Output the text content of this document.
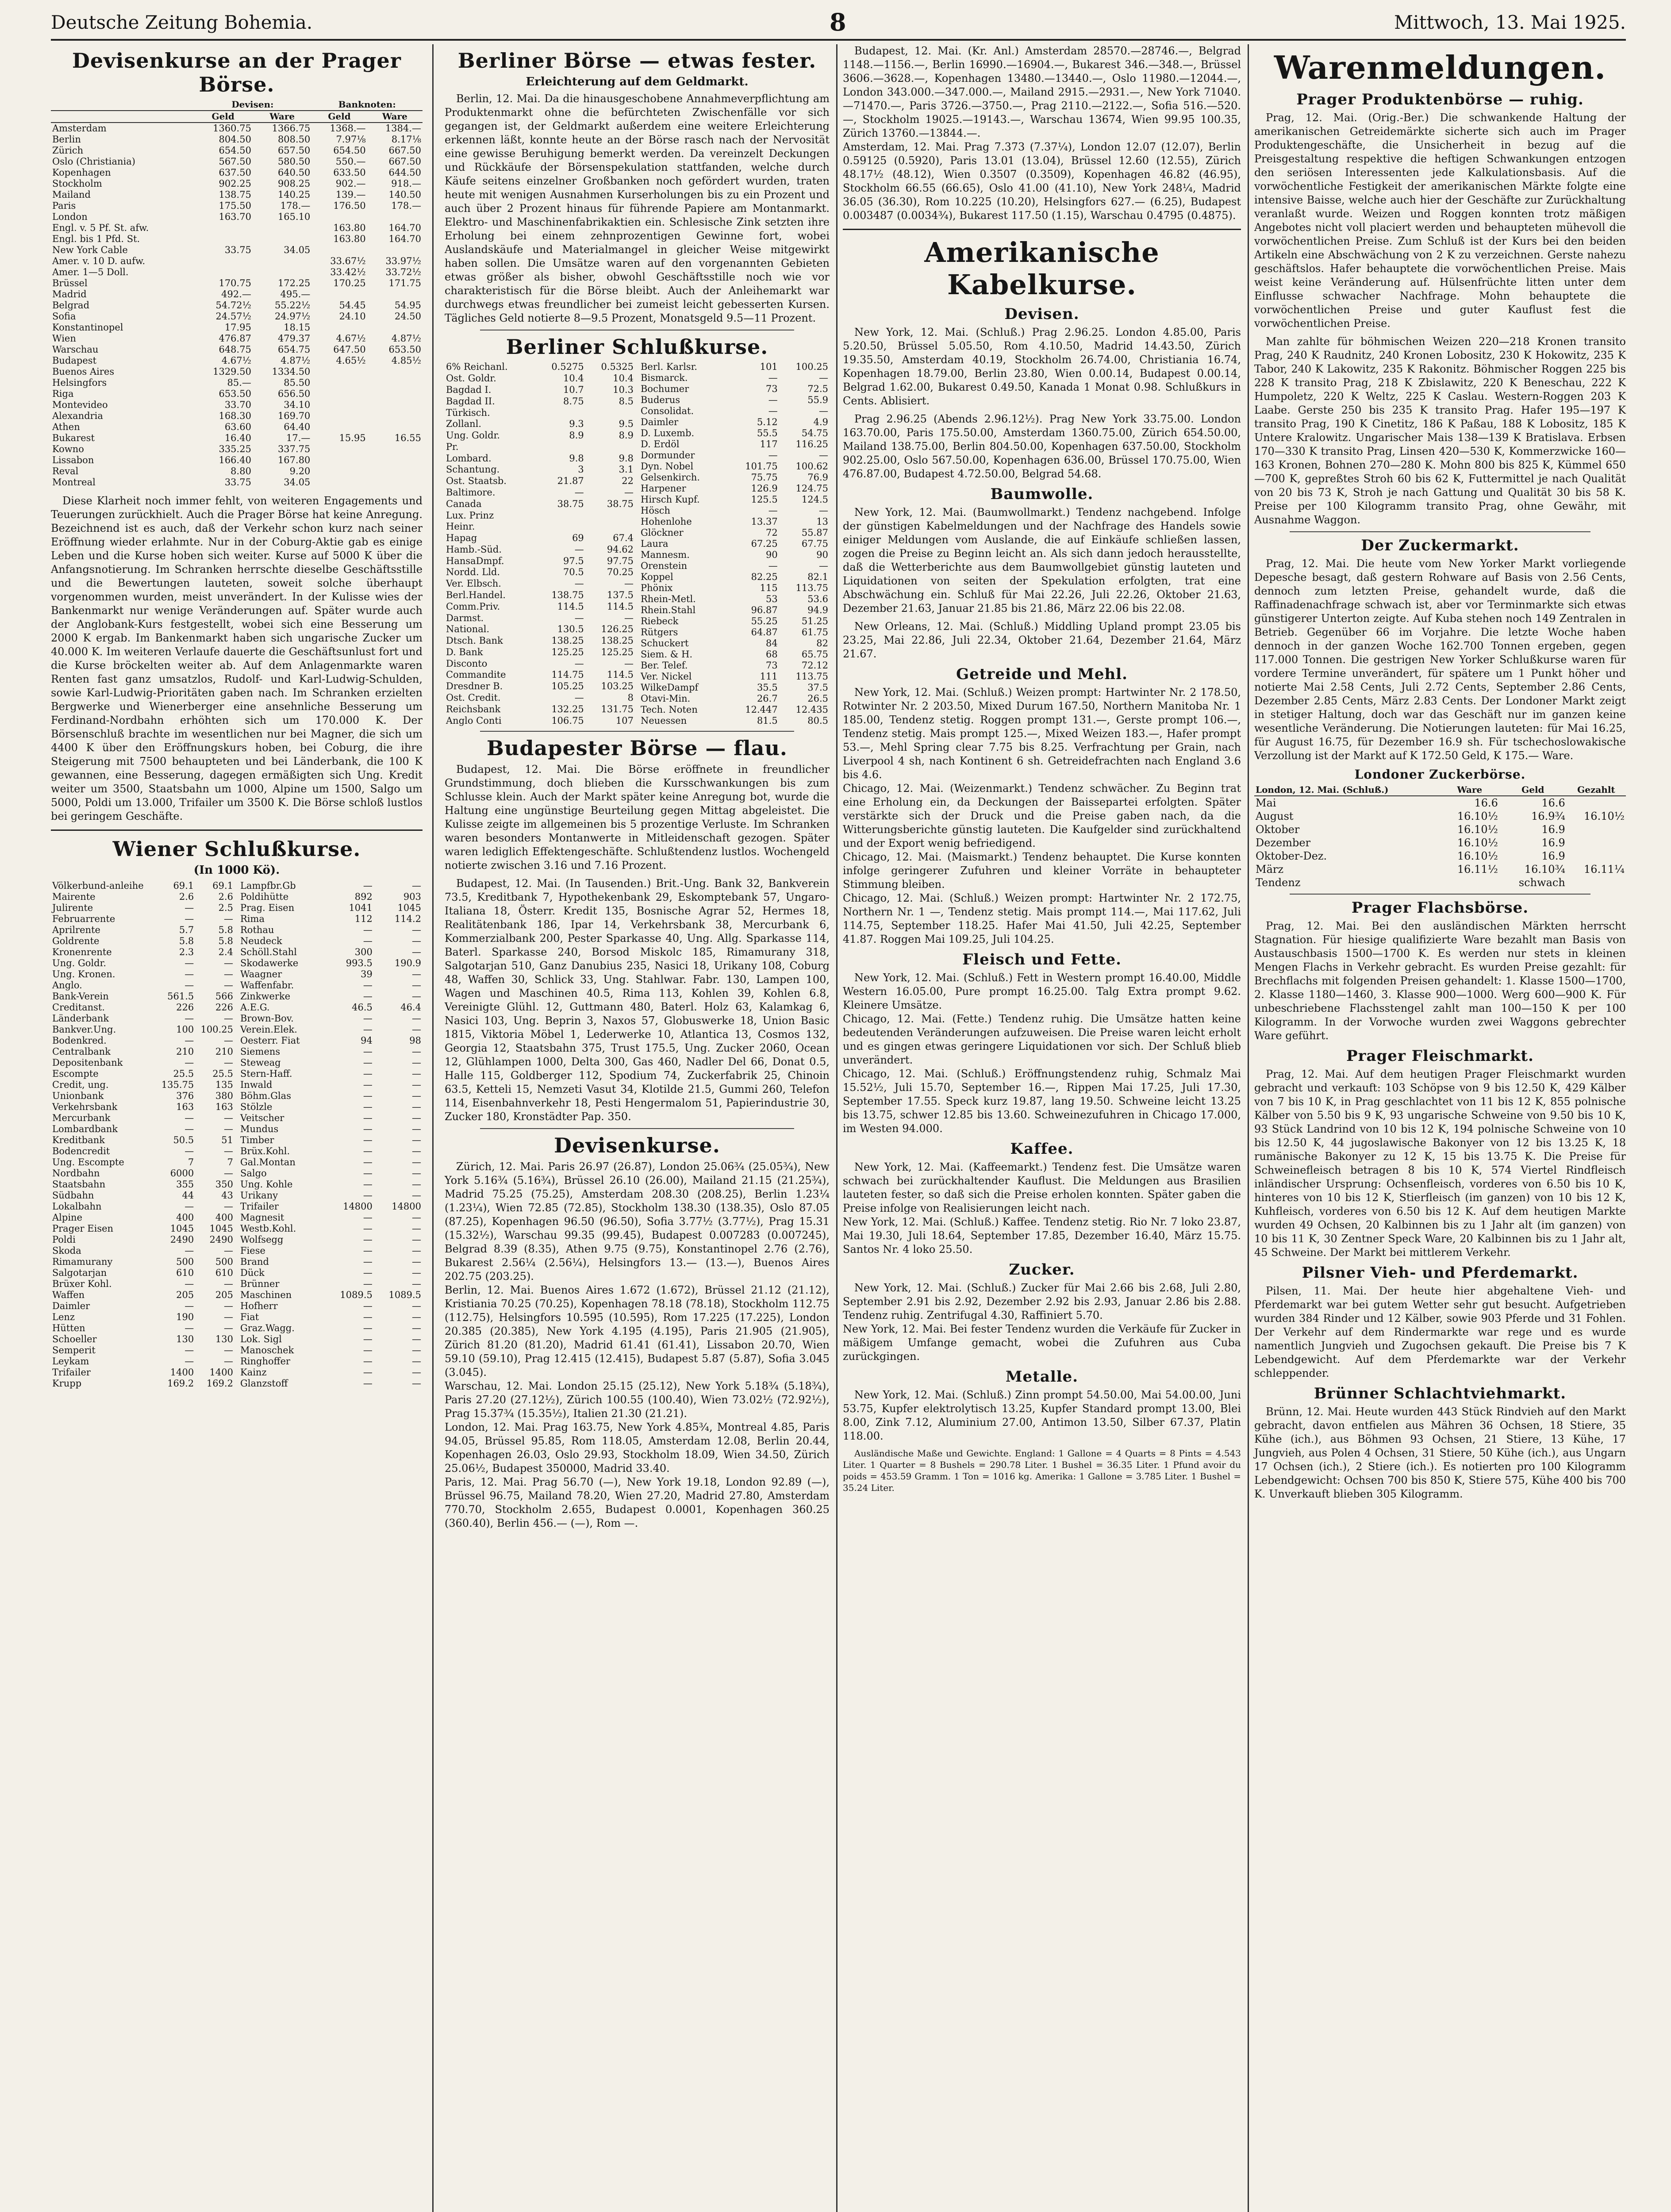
Deutsche Zeitung Bohemia.	8	Mittwoch, 13. Mai 1925.
Devisenkurse an der Prager Börse.
	Devisen:		Banknoten:	
	Geld	Ware	Geld	Ware
Amsterdam	1360.75	1366.75	1368.—	1384.—
Berlin	804.50	808.50	7.97⅛	8.17⅛
Zürich	654.50	657.50	654.50	667.50
Oslo (Christiania)	567.50	580.50	550.—	667.50
Kopenhagen	637.50	640.50	633.50	644.50
Stockholm	902.25	908.25	902.—	918.—
Mailand	138.75	140.25	139.—	140.50
Paris	175.50	178.—	176.50	178.—
London	163.70	165.10		
Engl. v. 5 Pf. St. afw.			163.80	164.70
Engl. bis 1 Pfd. St.			163.80	164.70
New York Cable	33.75	34.05		
Amer. v. 10 D. aufw.			33.67½	33.97½
Amer. 1—5 Doll.			33.42½	33.72½
Brüssel	170.75	172.25	170.25	171.75
Madrid	492.—	495.—		
Belgrad	54.72½	55.22½	54.45	54.95
Sofia	24.57½	24.97½	24.10	24.50
Konstantinopel	17.95	18.15		
Wien	476.87	479.37	4.67½	4.87½
Warschau	648.75	654.75	647.50	653.50
Budapest	4.67½	4.87½	4.65½	4.85½
Buenos Aires	1329.50	1334.50		
Helsingfors	85.—	85.50		
Riga	653.50	656.50		
Montevideo	33.70	34.10		
Alexandria	168.30	169.70		
Athen	63.60	64.40		
Bukarest	16.40	17.—	15.95	16.55
Kowno	335.25	337.75		
Lissabon	166.40	167.80		
Reval	8.80	9.20		
Montreal	33.75	34.05		

Diese Klarheit noch immer fehlt, von weiteren Engagements und Teuerungen zurückhielt. Auch die Prager Börse hat keine Anregung. Bezeichnend ist es auch, daß der Verkehr schon kurz nach seiner Eröffnung wieder erlahmte. Nur in der Coburg-Aktie gab es einige Leben und die Kurse hoben sich weiter. Kurse auf 5000 K über die Anfangsnotierung. Im Schranken herrschte dieselbe Geschäftsstille und die Bewertungen lauteten, soweit solche überhaupt vorgenommen wurden, meist unverändert. In der Kulisse wies der Bankenmarkt nur wenige Veränderungen auf. Später wurde auch der Anglobank-Kurs festgestellt, wobei sich eine Besserung um 2000 K ergab. Im Bankenmarkt haben sich ungarische Zucker um 40.000 K. Im weiteren Verlaufe dauerte die Geschäftsunlust fort und die Kurse bröckelten weiter ab. Auf dem Anlagenmarkte waren Renten fast ganz umsatzlos, Rudolf- und Karl-Ludwig-Schulden, sowie Karl-Ludwig-Prioritäten gaben nach. Im Schranken erzielten Bergwerke und Wienerberger eine ansehnliche Besserung um Ferdinand-Nordbahn erhöhten sich um 170.000 K. Der Börsenschluß brachte im wesentlichen nur bei Magner, die sich um 4400 K über den Eröffnungskurs hoben, bei Coburg, die ihre Steigerung mit 7500 behaupteten und bei Länderbank, die 100 K gewannen, eine Besserung, dagegen ermäßigten sich Ung. Kredit weiter um 3500, Staatsbahn um 1000, Alpine um 1500, Salgo um 5000, Poldi um 13.000, Trifailer um 3500 K. Die Börse schloß lustlos bei geringem Geschäfte.

Wiener Schlußkurse.
(In 1000 Kö).
Völkerbund-anleihe	69.1	69.1
Mairente	2.6	2.6
Julirente	—	2.5
Februarrente	—	—
Aprilrente	5.7	5.8
Goldrente	5.8	5.8
Kronenrente	2.3	2.4
Ung. Goldr.	—	—
Ung. Kronen.	—	—
Anglo.	—	—
Bank-Verein	561.5	566
Creditanst.	226	226
Länderbank	—	—
Bankver.Ung.	100	100.25
Bodenkred.	—	—
Centralbank	210	210
Depositenbank	—	—
Escompte	25.5	25.5
Credit, ung.	135.75	135
Unionbank	376	380
Verkehrsbank	163	163
Mercurbank	—	—
Lombardbank	—	—
Kreditbank	50.5	51
Bodencredit	—	—
Ung. Escompte	7	7
Nordbahn	6000	—
Staatsbahn	355	350
Südbahn	44	43
Lokalbahn	—	—
Alpine	400	400
Prager Eisen	1045	1045
Poldi	2490	2490
Skoda	—	—
Rimamurany	500	500
Salgotarjan	610	610
Brüxer Kohl.	—	—
Waffen	205	205
Daimler	—	—
Lenz	190	—
Hütten	—	—
Schoeller	130	130
Semperit	—	—
Leykam	—	—
Trifailer	1400	1400
Krupp	169.2	169.2
Lampfbr.Gb	—	—
Poldihütte	892	903
Prag. Eisen	1041	1045
Rima	112	114.2
Rothau	—	—
Neudeck	—	—
Schöll.Stahl	300	—
Skodawerke	993.5	190.9
Waagner	39	—
Waffenfabr.	—	—
Zinkwerke	—	—
A.E.G.	46.5	46.4
Brown-Bov.	—	—
Verein.Elek.	—	—
Oesterr. Fiat	94	98
Siemens	—	—
Steweag	—	—
Stern-Haff.	—	—
Inwald	—	—
Böhm.Glas	—	—
Stölzle	—	—
Veitscher	—	—
Mundus	—	—
Timber	—	—
Brüx.Kohl.	—	—
Gal.Montan	—	—
Salgo	—	—
Ung. Kohle	—	—
Urikany	—	—
Trifailer	14800	14800
Magnesit	—	—
Westb.Kohl.	—	—
Wolfsegg	—	—
Fiese	—	—
Brand	—	—
Dück	—	—
Brünner	—	—
Maschinen	1089.5	1089.5
Hofherr	—	—
Fiat	—	—
Graz.Wagg.	—	—
Lok. Sigl	—	—
Manoschek	—	—
Ringhoffer	—	—
Kainz	—	—
Glanzstoff	—	—
Berliner Börse — etwas fester.
Erleichterung auf dem Geldmarkt.

Berlin, 12. Mai. Da die hinausgeschobene Annahmeverpflichtung am Produktenmarkt ohne die befürchteten Zwischenfälle vor sich gegangen ist, der Geldmarkt außerdem eine weitere Erleichterung erkennen läßt, konnte heute an der Börse rasch nach der Nervosität eine gewisse Beruhigung bemerkt werden. Da vereinzelt Deckungen und Rückkäufe der Börsenspekulation stattfanden, welche durch Käufe seitens einzelner Großbanken noch gefördert wurden, traten heute mit wenigen Ausnahmen Kurserholungen bis zu ein Prozent und auch über 2 Prozent hinaus für führende Papiere am Montanmarkt. Elektro- und Maschinenfabrikaktien ein. Schlesische Zink setzten ihre Erholung bei einem zehnprozentigen Gewinne fort, wobei Auslandskäufe und Materialmangel in gleicher Weise mitgewirkt haben sollen. Die Umsätze waren auf den vorgenannten Gebieten etwas größer als bisher, obwohl Geschäftsstille noch wie vor charakteristisch für die Börse bleibt. Auch der Anleihemarkt war durchwegs etwas freundlicher bei zumeist leicht gebesserten Kursen. Tägliches Geld notierte 8—9.5 Prozent, Monatsgeld 9.5—11 Prozent.

Berliner Schlußkurse.
6% Reichanl.	0.5275	0.5325
Ost. Goldr.	10.4	10.4
Bagdad I.	10.7	10.3
Bagdad II.	8.75	8.5
Türkisch.		
Zollanl.	9.3	9.5
Ung. Goldr.	8.9	8.9
Pr.		
Lombard.	9.8	9.8
Schantung.	3	3.1
Ost. Staatsb.	21.87	22
Baltimore.	—	—
Canada	38.75	38.75
Lux. Prinz		
Heinr.		
Hapag	69	67.4
Hamb.-Süd.	—	94.62
HansaDmpf.	97.5	97.75
Nordd. Lld.	70.5	70.25
Ver. Elbsch.	—	—
Berl.Handel.	138.75	137.5
Comm.Priv.	114.5	114.5
Darmst.	—	—
National.	130.5	126.25
Dtsch. Bank	138.25	138.25
D. Bank	125.25	125.25
Disconto	—	—
Commandite	114.75	114.5
Dresdner B.	105.25	103.25
Ost. Credit.	—	8
Reichsbank	132.25	131.75
Anglo Conti	106.75	107
Berl. Karlsr.	101	100.25
Bismarck.	—	—
Bochumer	73	72.5
Buderus	—	55.9
Consolidat.	—	—
Daimler	5.12	4.9
D. Luxemb.	55.5	54.75
D. Erdöl	117	116.25
Dormunder	—	—
Dyn. Nobel	101.75	100.62
Gelsenkirch.	75.75	76.9
Harpener	126.9	124.75
Hirsch Kupf.	125.5	124.5
Hösch	—	—
Hohenlohe	13.37	13
Glöckner	72	55.87
Laura	67.25	67.75
Mannesm.	90	90
Orenstein	—	—
Koppel	82.25	82.1
Phönix	115	113.75
Rhein-Metl.	53	53.6
Rhein.Stahl	96.87	94.9
Riebeck	55.25	51.25
Rütgers	64.87	61.75
Schuckert	84	82
Siem. & H.	68	65.75
Ber. Telef.	73	72.12
Ver. Nickel	111	113.75
WilkeDampf	35.5	37.5
Otavi-Min.	26.7	26.5
Tech. Noten	12.447	12.435
Neuessen	81.5	80.5
Budapester Börse — flau.

Budapest, 12. Mai. Die Börse eröffnete in freundlicher Grundstimmung, doch blieben die Kursschwankungen bis zum Schlusse klein. Auch der Markt später keine Anregung bot, wurde die Haltung eine ungünstige Beurteilung gegen Mittag abgeleistet. Die Kulisse zeigte im allgemeinen bis 5 prozentige Verluste. Im Schranken waren besonders Montanwerte in Mitleidenschaft gezogen. Später waren lediglich Effektengeschäfte. Schlußtendenz lustlos. Wochengeld notierte zwischen 3.16 und 7.16 Prozent.

Budapest, 12. Mai. (In Tausenden.) Brit.-Ung. Bank 32, Bankverein 73.5, Kreditbank 7, Hypothekenbank 29, Eskomptebank 57, Ungaro-Italiana 18, Österr. Kredit 135, Bosnische Agrar 52, Hermes 18, Realitätenbank 186, Ipar 14, Verkehrsbank 38, Mercurbank 6, Kommerzialbank 200, Pester Sparkasse 40, Ung. Allg. Sparkasse 114, Baterl. Sparkasse 240, Borsod Miskolc 185, Rimamurany 318, Salgotarjan 510, Ganz Danubius 235, Nasici 18, Urikany 108, Coburg 48, Waffen 30, Schlick 33, Ung. Stahlwar. Fabr. 130, Lampen 100, Wagen und Maschinen 40.5, Rima 113, Kohlen 39, Kohlen 6.8, Vereinigte Glühl. 12, Guttmann 480, Baterl. Holz 63, Kalamkag 6, Nasici 103, Ung. Beprin 3, Naxos 57, Globuswerke 18, Union Basic 1815, Viktoria Möbel 1, Lederwerke 10, Atlantica 13, Cosmos 132, Georgia 12, Staatsbahn 375, Trust 175.5, Ung. Zucker 2060, Ocean 12, Glühlampen 1000, Delta 300, Gas 460, Nadler Del 66, Donat 0.5, Halle 115, Goldberger 112, Spodium 74, Zuckerfabrik 25, Chinoin 63.5, Ketteli 15, Nemzeti Vasut 34, Klotilde 21.5, Gummi 260, Telefon 114, Eisenbahnverkehr 18, Pesti Hengermalom 51, Papierindustrie 30, Zucker 180, Kronstädter Pap. 350.

Devisenkurse.

Zürich, 12. Mai. Paris 26.97 (26.87), London 25.06¾ (25.05¾), New York 5.16¾ (5.16¾), Brüssel 26.10 (26.00), Mailand 21.15 (21.25¾), Madrid 75.25 (75.25), Amsterdam 208.30 (208.25), Berlin 1.23¼ (1.23¼), Wien 72.85 (72.85), Stockholm 138.30 (138.35), Oslo 87.05 (87.25), Kopenhagen 96.50 (96.50), Sofia 3.77½ (3.77½), Prag 15.31 (15.32½), Warschau 99.35 (99.45), Budapest 0.007283 (0.007245), Belgrad 8.39 (8.35), Athen 9.75 (9.75), Konstantinopel 2.76 (2.76), Bukarest 2.56¼ (2.56¼), Helsingfors 13.— (13.—), Buenos Aires 202.75 (203.25).
Berlin, 12. Mai. Buenos Aires 1.672 (1.672), Brüssel 21.12 (21.12), Kristiania 70.25 (70.25), Kopenhagen 78.18 (78.18), Stockholm 112.75 (112.75), Helsingfors 10.595 (10.595), Rom 17.225 (17.225), London 20.385 (20.385), New York 4.195 (4.195), Paris 21.905 (21.905), Zürich 81.20 (81.20), Madrid 61.41 (61.41), Lissabon 20.70, Wien 59.10 (59.10), Prag 12.415 (12.415), Budapest 5.87 (5.87), Sofia 3.045 (3.045).
Warschau, 12. Mai. London 25.15 (25.12), New York 5.18¾ (5.18¾), Paris 27.20 (27.12½), Zürich 100.55 (100.40), Wien 73.02½ (72.92½), Prag 15.37¾ (15.35½), Italien 21.30 (21.21).
London, 12. Mai. Prag 163.75, New York 4.85¾, Montreal 4.85, Paris 94.05, Brüssel 95.85, Rom 118.05, Amsterdam 12.08, Berlin 20.44, Kopenhagen 26.03, Oslo 29.93, Stockholm 18.09, Wien 34.50, Zürich 25.06½, Budapest 350000, Madrid 33.40.
Paris, 12. Mai. Prag 56.70 (—), New York 19.18, London 92.89 (—), Brüssel 96.75, Mailand 78.20, Wien 27.20, Madrid 27.80, Amsterdam 770.70, Stockholm 2.655, Budapest 0.0001, Kopenhagen 360.25 (360.40), Berlin 456.— (—), Rom —.

Budapest, 12. Mai. (Kr. Anl.) Amsterdam 28570.—28746.—, Belgrad 1148.—1156.—, Berlin 16990.—16904.—, Bukarest 346.—348.—, Brüssel 3606.—3628.—, Kopenhagen 13480.—13440.—, Oslo 11980.—12044.—, London 343.000.—347.000.—, Mailand 2915.—2931.—, New York 71040.—71470.—, Paris 3726.—3750.—, Prag 2110.—2122.—, Sofia 516.—520.—, Stockholm 19025.—19143.—, Warschau 13674, Wien 99.95 100.35, Zürich 13760.—13844.—.
Amsterdam, 12. Mai. Prag 7.373 (7.37¼), London 12.07 (12.07), Berlin 0.59125 (0.5920), Paris 13.01 (13.04), Brüssel 12.60 (12.55), Zürich 48.17½ (48.12), Wien 0.3507 (0.3509), Kopenhagen 46.82 (46.95), Stockholm 66.55 (66.65), Oslo 41.00 (41.10), New York 248¼, Madrid 36.05 (36.30), Rom 10.225 (10.20), Helsingfors 627.— (6.25), Budapest 0.003487 (0.0034¾), Bukarest 117.50 (1.15), Warschau 0.4795 (0.4875).

Amerikanische Kabelkurse.
Devisen.

New York, 12. Mai. (Schluß.) Prag 2.96.25. London 4.85.00, Paris 5.20.50, Brüssel 5.05.50, Rom 4.10.50, Madrid 14.43.50, Zürich 19.35.50, Amsterdam 40.19, Stockholm 26.74.00, Christiania 16.74, Kopenhagen 18.79.00, Berlin 23.80, Wien 0.00.14, Budapest 0.00.14, Belgrad 1.62.00, Bukarest 0.49.50, Kanada 1 Monat 0.98. Schlußkurs in Cents. Ablisiert.

Prag 2.96.25 (Abends 2.96.12½). Prag New York 33.75.00. London 163.70.00, Paris 175.50.00, Amsterdam 1360.75.00, Zürich 654.50.00, Mailand 138.75.00, Berlin 804.50.00, Kopenhagen 637.50.00, Stockholm 902.25.00, Oslo 567.50.00, Kopenhagen 636.00, Brüssel 170.75.00, Wien 476.87.00, Budapest 4.72.50.00, Belgrad 54.68.

Baumwolle.

New York, 12. Mai. (Baumwollmarkt.) Tendenz nachgebend. Infolge der günstigen Kabelmeldungen und der Nachfrage des Handels sowie einiger Meldungen vom Auslande, die auf Einkäufe schließen lassen, zogen die Preise zu Beginn leicht an. Als sich dann jedoch herausstellte, daß die Wetterberichte aus dem Baumwollgebiet günstig lauteten und Liquidationen von seiten der Spekulation erfolgten, trat eine Abschwächung ein. Schluß für Mai 22.26, Juli 22.26, Oktober 21.63, Dezember 21.63, Januar 21.85 bis 21.86, März 22.06 bis 22.08.

New Orleans, 12. Mai. (Schluß.) Middling Upland prompt 23.05 bis 23.25, Mai 22.86, Juli 22.34, Oktober 21.64, Dezember 21.64, März 21.67.

Getreide und Mehl.

New York, 12. Mai. (Schluß.) Weizen prompt: Hartwinter Nr. 2 178.50, Rotwinter Nr. 2 203.50, Mixed Durum 167.50, Northern Manitoba Nr. 1 185.00, Tendenz stetig. Roggen prompt 131.—, Gerste prompt 106.—, Tendenz stetig. Mais prompt 125.—, Mixed Weizen 183.—, Hafer prompt 53.—, Mehl Spring clear 7.75 bis 8.25. Verfrachtung per Grain, nach Liverpool 4 sh, nach Kontinent 6 sh. Getreidefrachten nach England 3.6 bis 4.6.
Chicago, 12. Mai. (Weizenmarkt.) Tendenz schwächer. Zu Beginn trat eine Erholung ein, da Deckungen der Baissepartei erfolgten. Später verstärkte sich der Druck und die Preise gaben nach, da die Witterungsberichte günstig lauteten. Die Kaufgelder sind zurückhaltend und der Export wenig befriedigend.
Chicago, 12. Mai. (Maismarkt.) Tendenz behauptet. Die Kurse konnten infolge geringerer Zufuhren und kleiner Vorräte in behaupteter Stimmung bleiben.
Chicago, 12. Mai. (Schluß.) Weizen prompt: Hartwinter Nr. 2 172.75, Northern Nr. 1 —, Tendenz stetig. Mais prompt 114.—, Mai 117.62, Juli 114.75, September 118.25. Hafer Mai 41.50, Juli 42.25, September 41.87. Roggen Mai 109.25, Juli 104.25.

Fleisch und Fette.

New York, 12. Mai. (Schluß.) Fett in Western prompt 16.40.00, Middle Western 16.05.00, Pure prompt 16.25.00. Talg Extra prompt 9.62. Kleinere Umsätze.
Chicago, 12. Mai. (Fette.) Tendenz ruhig. Die Umsätze hatten keine bedeutenden Veränderungen aufzuweisen. Die Preise waren leicht erholt und es gingen etwas geringere Liquidationen vor sich. Der Schluß blieb unverändert.
Chicago, 12. Mai. (Schluß.) Eröffnungstendenz ruhig, Schmalz Mai 15.52½, Juli 15.70, September 16.—, Rippen Mai 17.25, Juli 17.30, September 17.55. Speck kurz 19.87, lang 19.50. Schweine leicht 13.25 bis 13.75, schwer 12.85 bis 13.60. Schweinezufuhren in Chicago 17.000, im Westen 94.000.

Kaffee.

New York, 12. Mai. (Kaffeemarkt.) Tendenz fest. Die Umsätze waren schwach bei zurückhaltender Kauflust. Die Meldungen aus Brasilien lauteten fester, so daß sich die Preise erholen konnten. Später gaben die Preise infolge von Realisierungen leicht nach.
New York, 12. Mai. (Schluß.) Kaffee. Tendenz stetig. Rio Nr. 7 loko 23.87, Mai 19.30, Juli 18.64, September 17.85, Dezember 16.40, März 15.75. Santos Nr. 4 loko 25.50.

Zucker.

New York, 12. Mai. (Schluß.) Zucker für Mai 2.66 bis 2.68, Juli 2.80, September 2.91 bis 2.92, Dezember 2.92 bis 2.93, Januar 2.86 bis 2.88. Tendenz ruhig. Zentrifugal 4.30, Raffiniert 5.70.
New York, 12. Mai. Bei fester Tendenz wurden die Verkäufe für Zucker in mäßigem Umfange gemacht, wobei die Zufuhren aus Cuba zurückgingen.

Metalle.

New York, 12. Mai. (Schluß.) Zinn prompt 54.50.00, Mai 54.00.00, Juni 53.75, Kupfer elektrolytisch 13.25, Kupfer Standard prompt 13.00, Blei 8.00, Zink 7.12, Aluminium 27.00, Antimon 13.50, Silber 67.37, Platin 118.00.

Ausländische Maße und Gewichte. England: 1 Gallone = 4 Quarts = 8 Pints = 4.543 Liter. 1 Quarter = 8 Bushels = 290.78 Liter. 1 Bushel = 36.35 Liter. 1 Pfund avoir du poids = 453.59 Gramm. 1 Ton = 1016 kg. Amerika: 1 Gallone = 3.785 Liter. 1 Bushel = 35.24 Liter.

Warenmeldungen.
Prager Produktenbörse — ruhig.

Prag, 12. Mai. (Orig.-Ber.) Die schwankende Haltung der amerikanischen Getreidemärkte sicherte sich auch im Prager Produktengeschäfte, die Unsicherheit in bezug auf die Preisgestaltung respektive die heftigen Schwankungen entzogen den seriösen Interessenten jede Kalkulationsbasis. Auf die vorwöchentliche Festigkeit der amerikanischen Märkte folgte eine intensive Baisse, welche auch hier der Geschäfte zur Zurückhaltung veranlaßt wurde. Weizen und Roggen konnten trotz mäßigen Angebotes nicht voll placiert werden und behaupteten mühevoll die vorwöchentlichen Preise. Zum Schluß ist der Kurs bei den beiden Artikeln eine Abschwächung von 2 K zu verzeichnen. Gerste nahezu geschäftslos. Hafer behauptete die vorwöchentlichen Preise. Mais weist keine Veränderung auf. Hülsenfrüchte litten unter dem Einflusse schwacher Nachfrage. Mohn behauptete die vorwöchentlichen Preise und guter Kauflust fest die vorwöchentlichen Preise.

Man zahlte für böhmischen Weizen 220—218 Kronen transito Prag, 240 K Raudnitz, 240 Kronen Lobositz, 230 K Hokowitz, 235 K Tabor, 240 K Lakowitz, 235 K Rakonitz. Böhmischer Roggen 225 bis 228 K transito Prag, 218 K Zbislawitz, 220 K Beneschau, 222 K Humpoletz, 220 K Weltz, 225 K Caslau. Western-Roggen 203 K Laabe. Gerste 250 bis 235 K transito Prag. Hafer 195—197 K transito Prag, 190 K Cinetitz, 186 K Paßau, 188 K Lobositz, 185 K Untere Kralowitz. Ungarischer Mais 138—139 K Bratislava. Erbsen 170—330 K transito Prag, Linsen 420—530 K, Kommerzwicke 160—163 Kronen, Bohnen 270—280 K. Mohn 800 bis 825 K, Kümmel 650—700 K, gepreßtes Stroh 60 bis 62 K, Futtermittel je nach Qualität von 20 bis 73 K, Stroh je nach Gattung und Qualität 30 bis 58 K. Preise per 100 Kilogramm transito Prag, ohne Gewähr, mit Ausnahme Waggon.

Der Zuckermarkt.

Prag, 12. Mai. Die heute vom New Yorker Markt vorliegende Depesche besagt, daß gestern Rohware auf Basis von 2.56 Cents, dennoch zum letzten Preise, gehandelt wurde, daß die Raffinadenachfrage schwach ist, aber vor Terminmarkte sich etwas günstigerer Unterton zeigte. Auf Kuba stehen noch 149 Zentralen in Betrieb. Gegenüber 66 im Vorjahre. Die letzte Woche haben dennoch in der ganzen Woche 162.700 Tonnen ergeben, gegen 117.000 Tonnen. Die gestrigen New Yorker Schlußkurse waren für vordere Termine unverändert, für spätere um 1 Punkt höher und notierte Mai 2.58 Cents, Juli 2.72 Cents, September 2.86 Cents, Dezember 2.85 Cents, März 2.83 Cents. Der Londoner Markt zeigt in stetiger Haltung, doch war das Geschäft nur im ganzen keine wesentliche Veränderung. Die Notierungen lauteten: für Mai 16.25, für August 16.75, für Dezember 16.9 sh. Für tschechoslowakische Verzollung ist der Markt auf K 172.50 Geld, K 175.— Ware.

Londoner Zuckerbörse.
London, 12. Mai. (Schluß.)	Ware	Geld	Gezahlt
Mai	16.6	16.6	
August	16.10½	16.9¾	16.10½
Oktober	16.10½	16.9	
Dezember	16.10½	16.9	
Oktober-Dez.	16.10½	16.9	
März	16.11½	16.10¾	16.11¼
Tendenz		schwach	
Prager Flachsbörse.

Prag, 12. Mai. Bei den ausländischen Märkten herrscht Stagnation. Für hiesige qualifizierte Ware bezahlt man Basis von Austauschbasis 1500—1700 K. Es werden nur stets in kleinen Mengen Flachs in Verkehr gebracht. Es wurden Preise gezahlt: für Brechflachs mit folgenden Preisen gehandelt: 1. Klasse 1500—1700, 2. Klasse 1180—1460, 3. Klasse 900—1000. Werg 600—900 K. Für unbeschriebene Flachsstengel zahlt man 100—150 K per 100 Kilogramm. In der Vorwoche wurden zwei Waggons gebrechter Ware geführt.

Prager Fleischmarkt.

Prag, 12. Mai. Auf dem heutigen Prager Fleischmarkt wurden gebracht und verkauft: 103 Schöpse von 9 bis 12.50 K, 429 Kälber von 7 bis 10 K, in Prag geschlachtet von 11 bis 12 K, 855 polnische Kälber von 5.50 bis 9 K, 93 ungarische Schweine von 9.50 bis 10 K, 93 Stück Landrind von 10 bis 12 K, 194 polnische Schweine von 10 bis 12.50 K, 44 jugoslawische Bakonyer von 12 bis 13.25 K, 18 rumänische Bakonyer zu 12 K, 15 bis 13.75 K. Die Preise für Schweinefleisch betragen 8 bis 10 K, 574 Viertel Rindfleisch inländischer Ursprung: Ochsenfleisch, vorderes von 6.50 bis 10 K, hinteres von 10 bis 12 K, Stierfleisch (im ganzen) von 10 bis 12 K, Kuhfleisch, vorderes von 6.50 bis 12 K. Auf dem heutigen Markte wurden 49 Ochsen, 20 Kalbinnen bis zu 1 Jahr alt (im ganzen) von 10 bis 11 K, 30 Zentner Speck Ware, 20 Kalbinnen bis zu 1 Jahr alt, 45 Schweine. Der Markt bei mittlerem Verkehr.

Pilsner Vieh- und Pferdemarkt.

Pilsen, 11. Mai. Der heute hier abgehaltene Vieh- und Pferdemarkt war bei gutem Wetter sehr gut besucht. Aufgetrieben wurden 384 Rinder und 12 Kälber, sowie 903 Pferde und 31 Fohlen. Der Verkehr auf dem Rindermarkte war rege und es wurde namentlich Jungvieh und Zugochsen gekauft. Die Preise bis 7 K Lebendgewicht. Auf dem Pferdemarkte war der Verkehr schleppender.

Brünner Schlachtviehmarkt.

Brünn, 12. Mai. Heute wurden 443 Stück Rindvieh auf den Markt gebracht, davon entfielen aus Mähren 36 Ochsen, 18 Stiere, 35 Kühe (ich.), aus Böhmen 93 Ochsen, 21 Stiere, 13 Kühe, 17 Jungvieh, aus Polen 4 Ochsen, 31 Stiere, 50 Kühe (ich.), aus Ungarn 17 Ochsen (ich.), 2 Stiere (ich.). Es notierten pro 100 Kilogramm Lebendgewicht: Ochsen 700 bis 850 K, Stiere 575, Kühe 400 bis 700 K. Unverkauft blieben 305 Kilogramm.
